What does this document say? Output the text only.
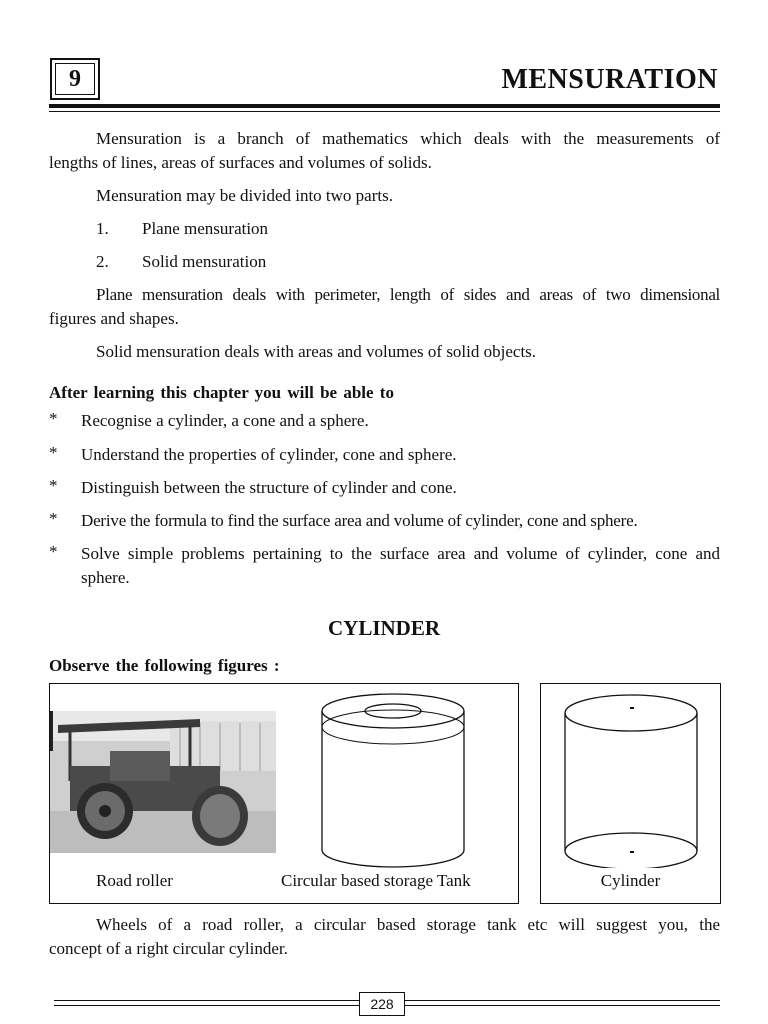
9	MENSURATION
Mensuration is a branch of mathematics which deals with the measurements of
lengths of lines, areas of surfaces and volumes of solids.
Mensuration may be divided into two parts.
1. Plane mensuration
2. Solid mensuration
Plane mensuration deals with perimeter, length of sides and areas of two dimensional
figures and shapes.
Solid mensuration deals with areas and volumes of solid objects.
After learning this chapter you will be able to
* Recognise a cylinder, a cone and a sphere.
* Understand the properties of cylinder, cone and sphere.
* Distinguish between the structure of cylinder and cone.
* Derive the formula to find the surface area and volume of cylinder, cone and sphere.
* Solve simple problems pertaining to the surface area and volume of cylinder, cone and sphere.
CYLINDER
Observe the following figures :
Road roller	Circular based storage Tank	Cylinder
Wheels of a road roller, a circular based storage tank etc will suggest you, the
concept of a right circular cylinder.
228
